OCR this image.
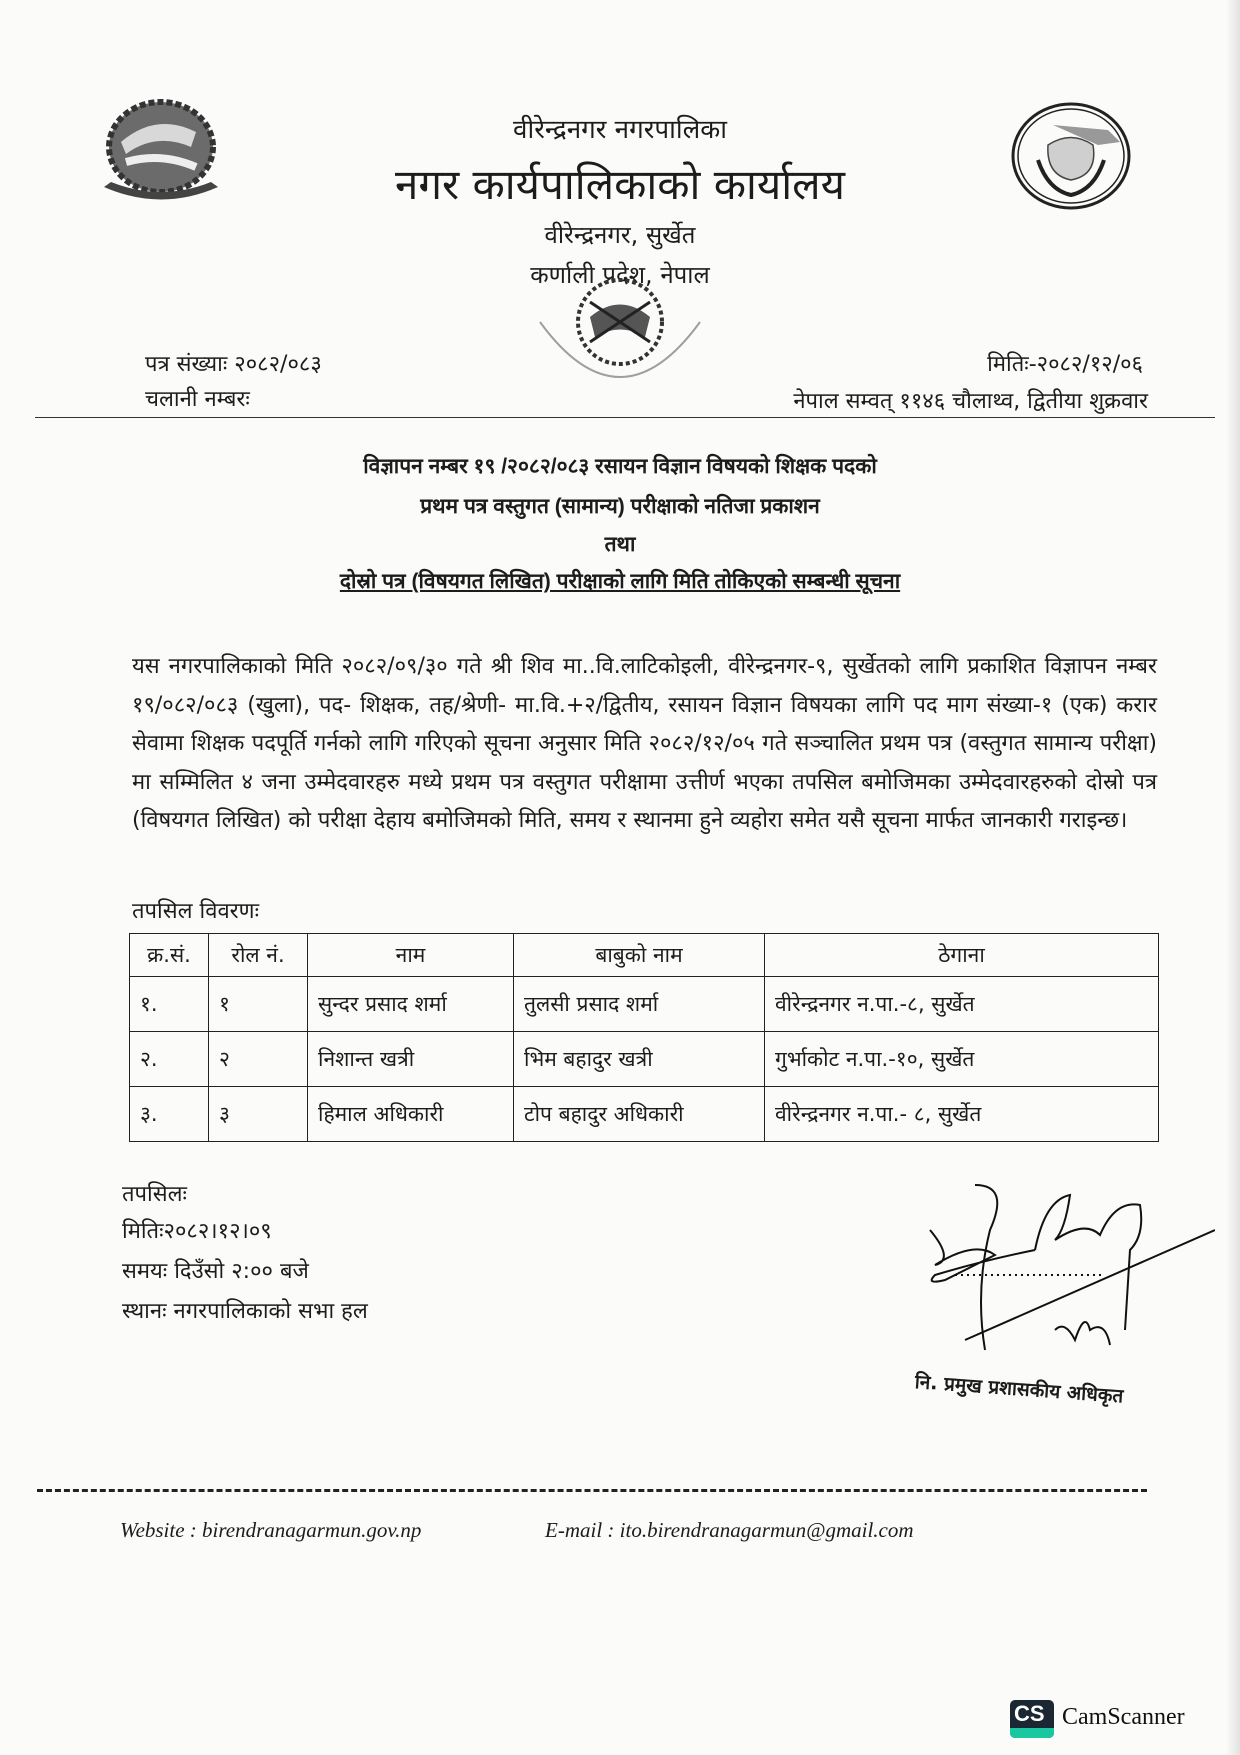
वीरेन्द्रनगर नगरपालिका
नगर कार्यपालिकाको कार्यालय
वीरेन्द्रनगर, सुर्खेत
कर्णाली प्रदेश, नेपाल
पत्र संख्याः २०८२/०८३
चलानी नम्बरः
मितिः-२०८२/१२/०६
नेपाल सम्वत् ११४६ चौलाथ्व, द्वितीया शुक्रवार
विज्ञापन नम्बर १९ /२०८२/०८३ रसायन विज्ञान विषयको शिक्षक पदको
प्रथम पत्र वस्तुगत (सामान्य) परीक्षाको नतिजा प्रकाशन
तथा
दोस्रो पत्र (विषयगत लिखित) परीक्षाको लागि मिति तोकिएको सम्बन्धी सूचना
यस नगरपालिकाको मिति २०८२/०९/३० गते श्री शिव मा..वि.लाटिकोइली, वीरेन्द्रनगर-९, सुर्खेतको लागि प्रकाशित विज्ञापन नम्बर १९/०८२/०८३ (खुला), पद- शिक्षक, तह/श्रेणी- मा.वि.+२/द्वितीय, रसायन विज्ञान विषयका लागि पद माग संख्या-१ (एक) करार सेवामा शिक्षक पदपूर्ति गर्नको लागि गरिएको सूचना अनुसार मिति २०८२/१२/०५ गते सञ्चालित प्रथम पत्र (वस्तुगत सामान्य परीक्षा) मा सम्मिलित ४ जना उम्मेदवारहरु मध्ये प्रथम पत्र वस्तुगत परीक्षामा उत्तीर्ण भएका तपसिल बमोजिमका उम्मेदवारहरुको दोस्रो पत्र (विषयगत लिखित) को परीक्षा देहाय बमोजिमको मिति, समय र स्थानमा हुने व्यहोरा समेत यसै सूचना मार्फत जानकारी गराइन्छ।
तपसिल विवरणः
क्र.सं.	रोल नं.	नाम	बाबुको नाम	ठेगाना
१.	१	सुन्दर प्रसाद शर्मा	तुलसी प्रसाद शर्मा	वीरेन्द्रनगर न.पा.-८, सुर्खेत
२.	२	निशान्त खत्री	भिम बहादुर खत्री	गुर्भाकोट न.पा.-१०, सुर्खेत
३.	३	हिमाल अधिकारी	टोप बहादुर अधिकारी	वीरेन्द्रनगर न.पा.- ८, सुर्खेत
तपसिलः
मितिः२०८२।१२।०९
समयः दिउँसो २:०० बजे
स्थानः नगरपालिकाको सभा हल
नि. प्रमुख प्रशासकीय अधिकृत
Website : birendranagarmun.gov.np	E-mail : ito.birendranagarmun@gmail.com
CS CamScanner
